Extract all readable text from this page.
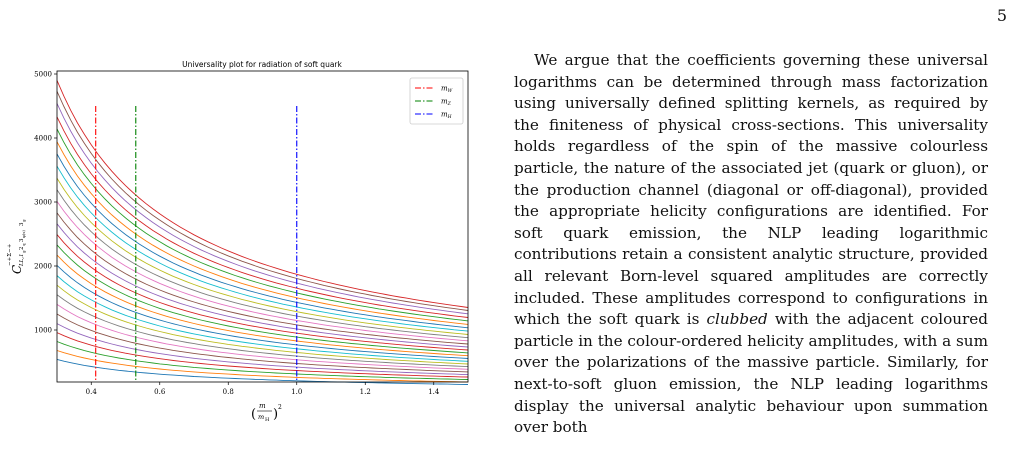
5
Universality plot for radiation of soft quark
0.4	0.6	0.8	1.0	1.2	1.4
1000
2000
3000
4000
5000
(
m
m H ) 2
C
−+Σ−+ LL,1
g
2
q
3
φ(s)
3
g
$m_W$
$m_Z$
$m_H$

We argue that the coefficients governing these universal logarithms can be determined through mass factorization using universally defined splitting kernels, as required by the finiteness of physical cross-sections. This universality holds regardless of the spin of the massive colourless particle, the nature of the associated jet (quark or gluon), or the production channel (diagonal or off-diagonal), provided the appropriate helicity configurations are identified. For soft quark emission, the NLP leading logarithmic contributions retain a consistent analytic structure, provided all relevant Born-level squared amplitudes are correctly included. These amplitudes correspond to configurations in which the soft quark is clubbed with the adjacent coloured particle in the colour-ordered helicity amplitudes, with a sum over the polarizations of the massive particle. Similarly, for next-to-soft gluon emission, the NLP leading logarithms display the universal analytic behaviour upon summation over both
